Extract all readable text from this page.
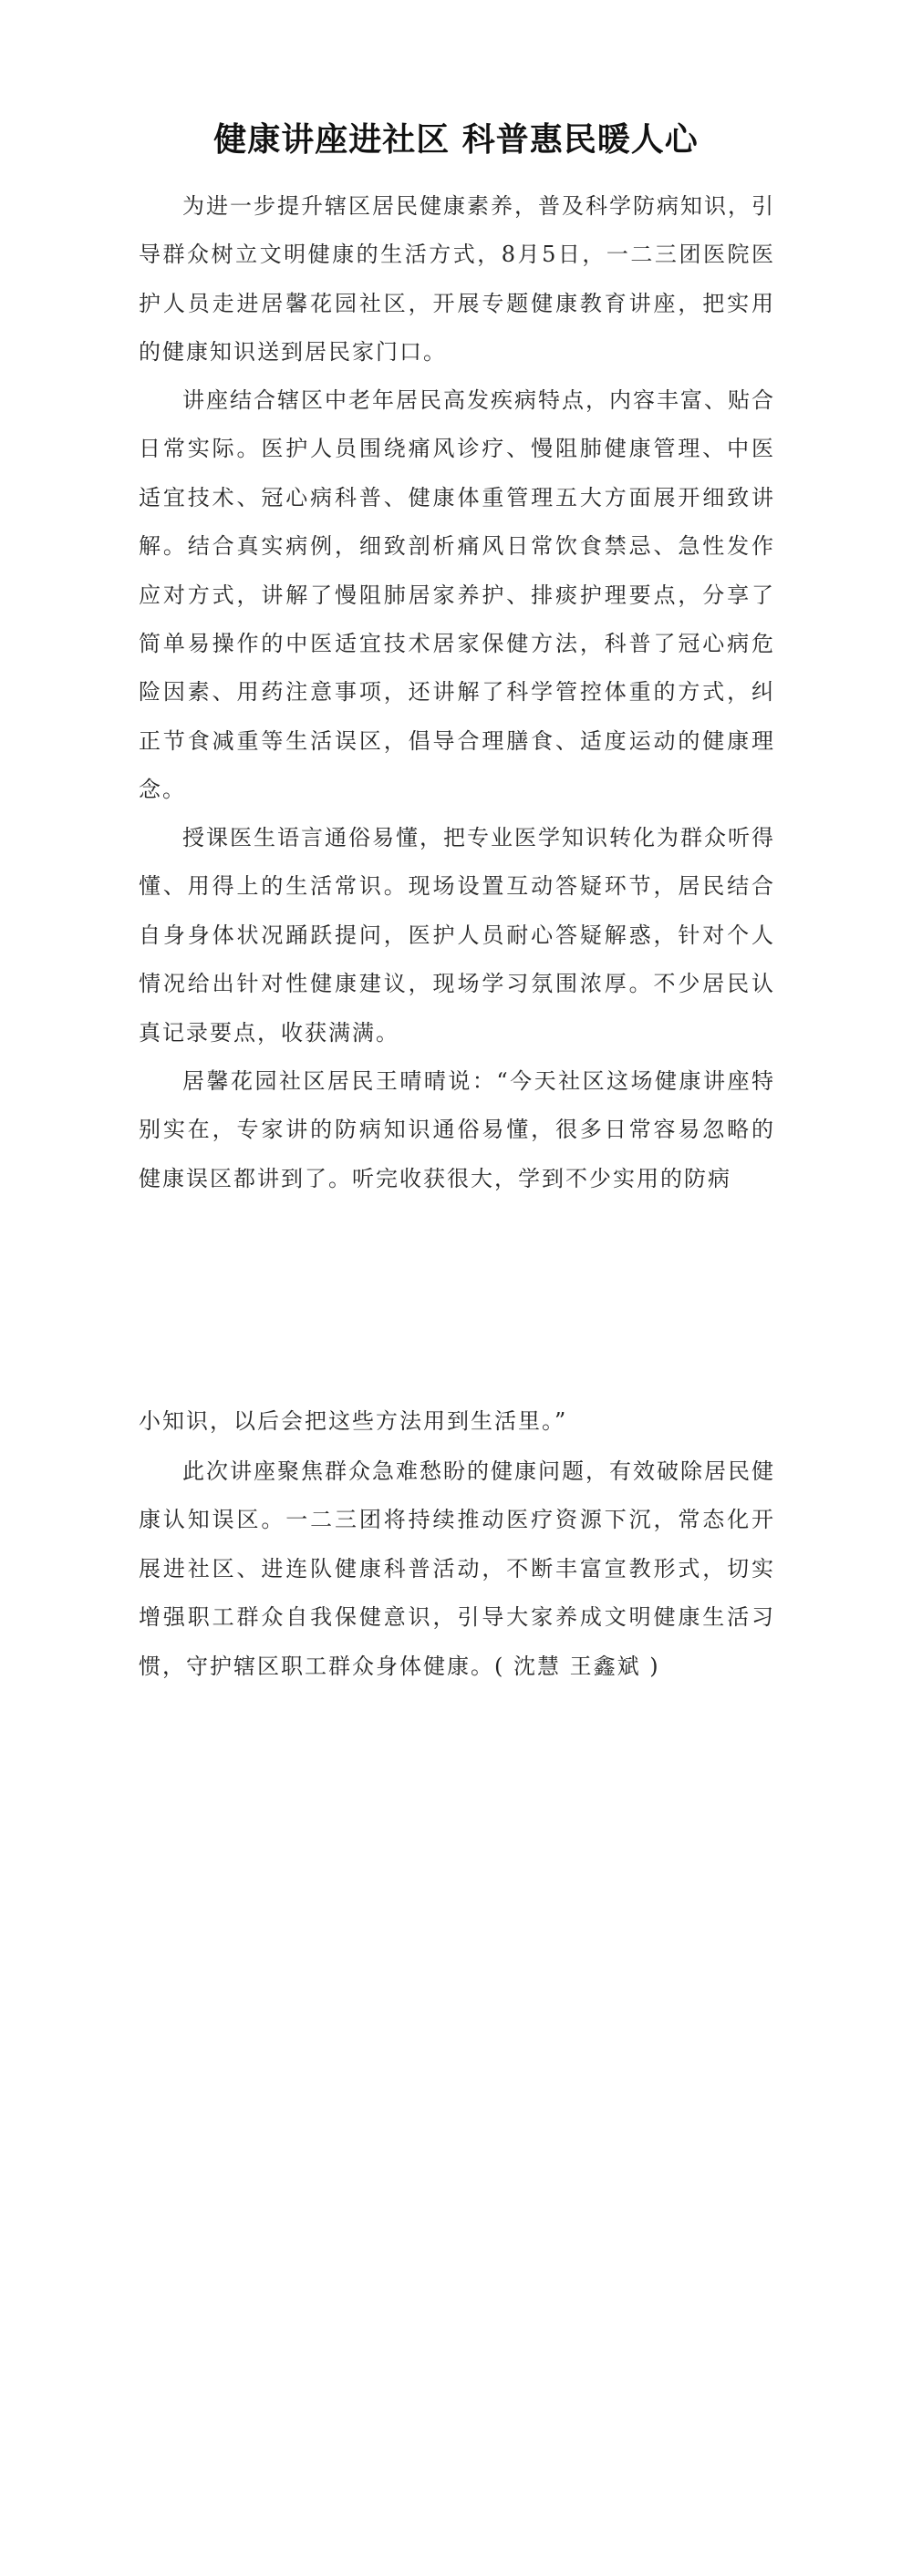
健康讲座进社区 科普惠民暖人心

为进一步提升辖区居民健康素养，普及科学防病知识，引导群众树立文明健康的生活方式，8月5日，一二三团医院医护人员走进居馨花园社区，开展专题健康教育讲座，把实用的健康知识送到居民家门口。

讲座结合辖区中老年居民高发疾病特点，内容丰富、贴合日常实际。医护人员围绕痛风诊疗、慢阻肺健康管理、中医适宜技术、冠心病科普、健康体重管理五大方面展开细致讲解。结合真实病例，细致剖析痛风日常饮食禁忌、急性发作应对方式，讲解了慢阻肺居家养护、排痰护理要点，分享了简单易操作的中医适宜技术居家保健方法，科普了冠心病危险因素、用药注意事项，还讲解了科学管控体重的方式，纠正节食减重等生活误区，倡导合理膳食、适度运动的健康理念。

授课医生语言通俗易懂，把专业医学知识转化为群众听得懂、用得上的生活常识。现场设置互动答疑环节，居民结合自身身体状况踊跃提问，医护人员耐心答疑解惑，针对个人情况给出针对性健康建议，现场学习氛围浓厚。不少居民认真记录要点，收获满满。

居馨花园社区居民王晴晴说：“今天社区这场健康讲座特别实在，专家讲的防病知识通俗易懂，很多日常容易忽略的健康误区都讲到了。听完收获很大，学到不少实用的防病

小知识，以后会把这些方法用到生活里。”

此次讲座聚焦群众急难愁盼的健康问题，有效破除居民健康认知误区。一二三团将持续推动医疗资源下沉，常态化开展进社区、进连队健康科普活动，不断丰富宣教形式，切实增强职工群众自我保健意识，引导大家养成文明健康生活习惯，守护辖区职工群众身体健康。( 沈慧 王鑫斌 )
